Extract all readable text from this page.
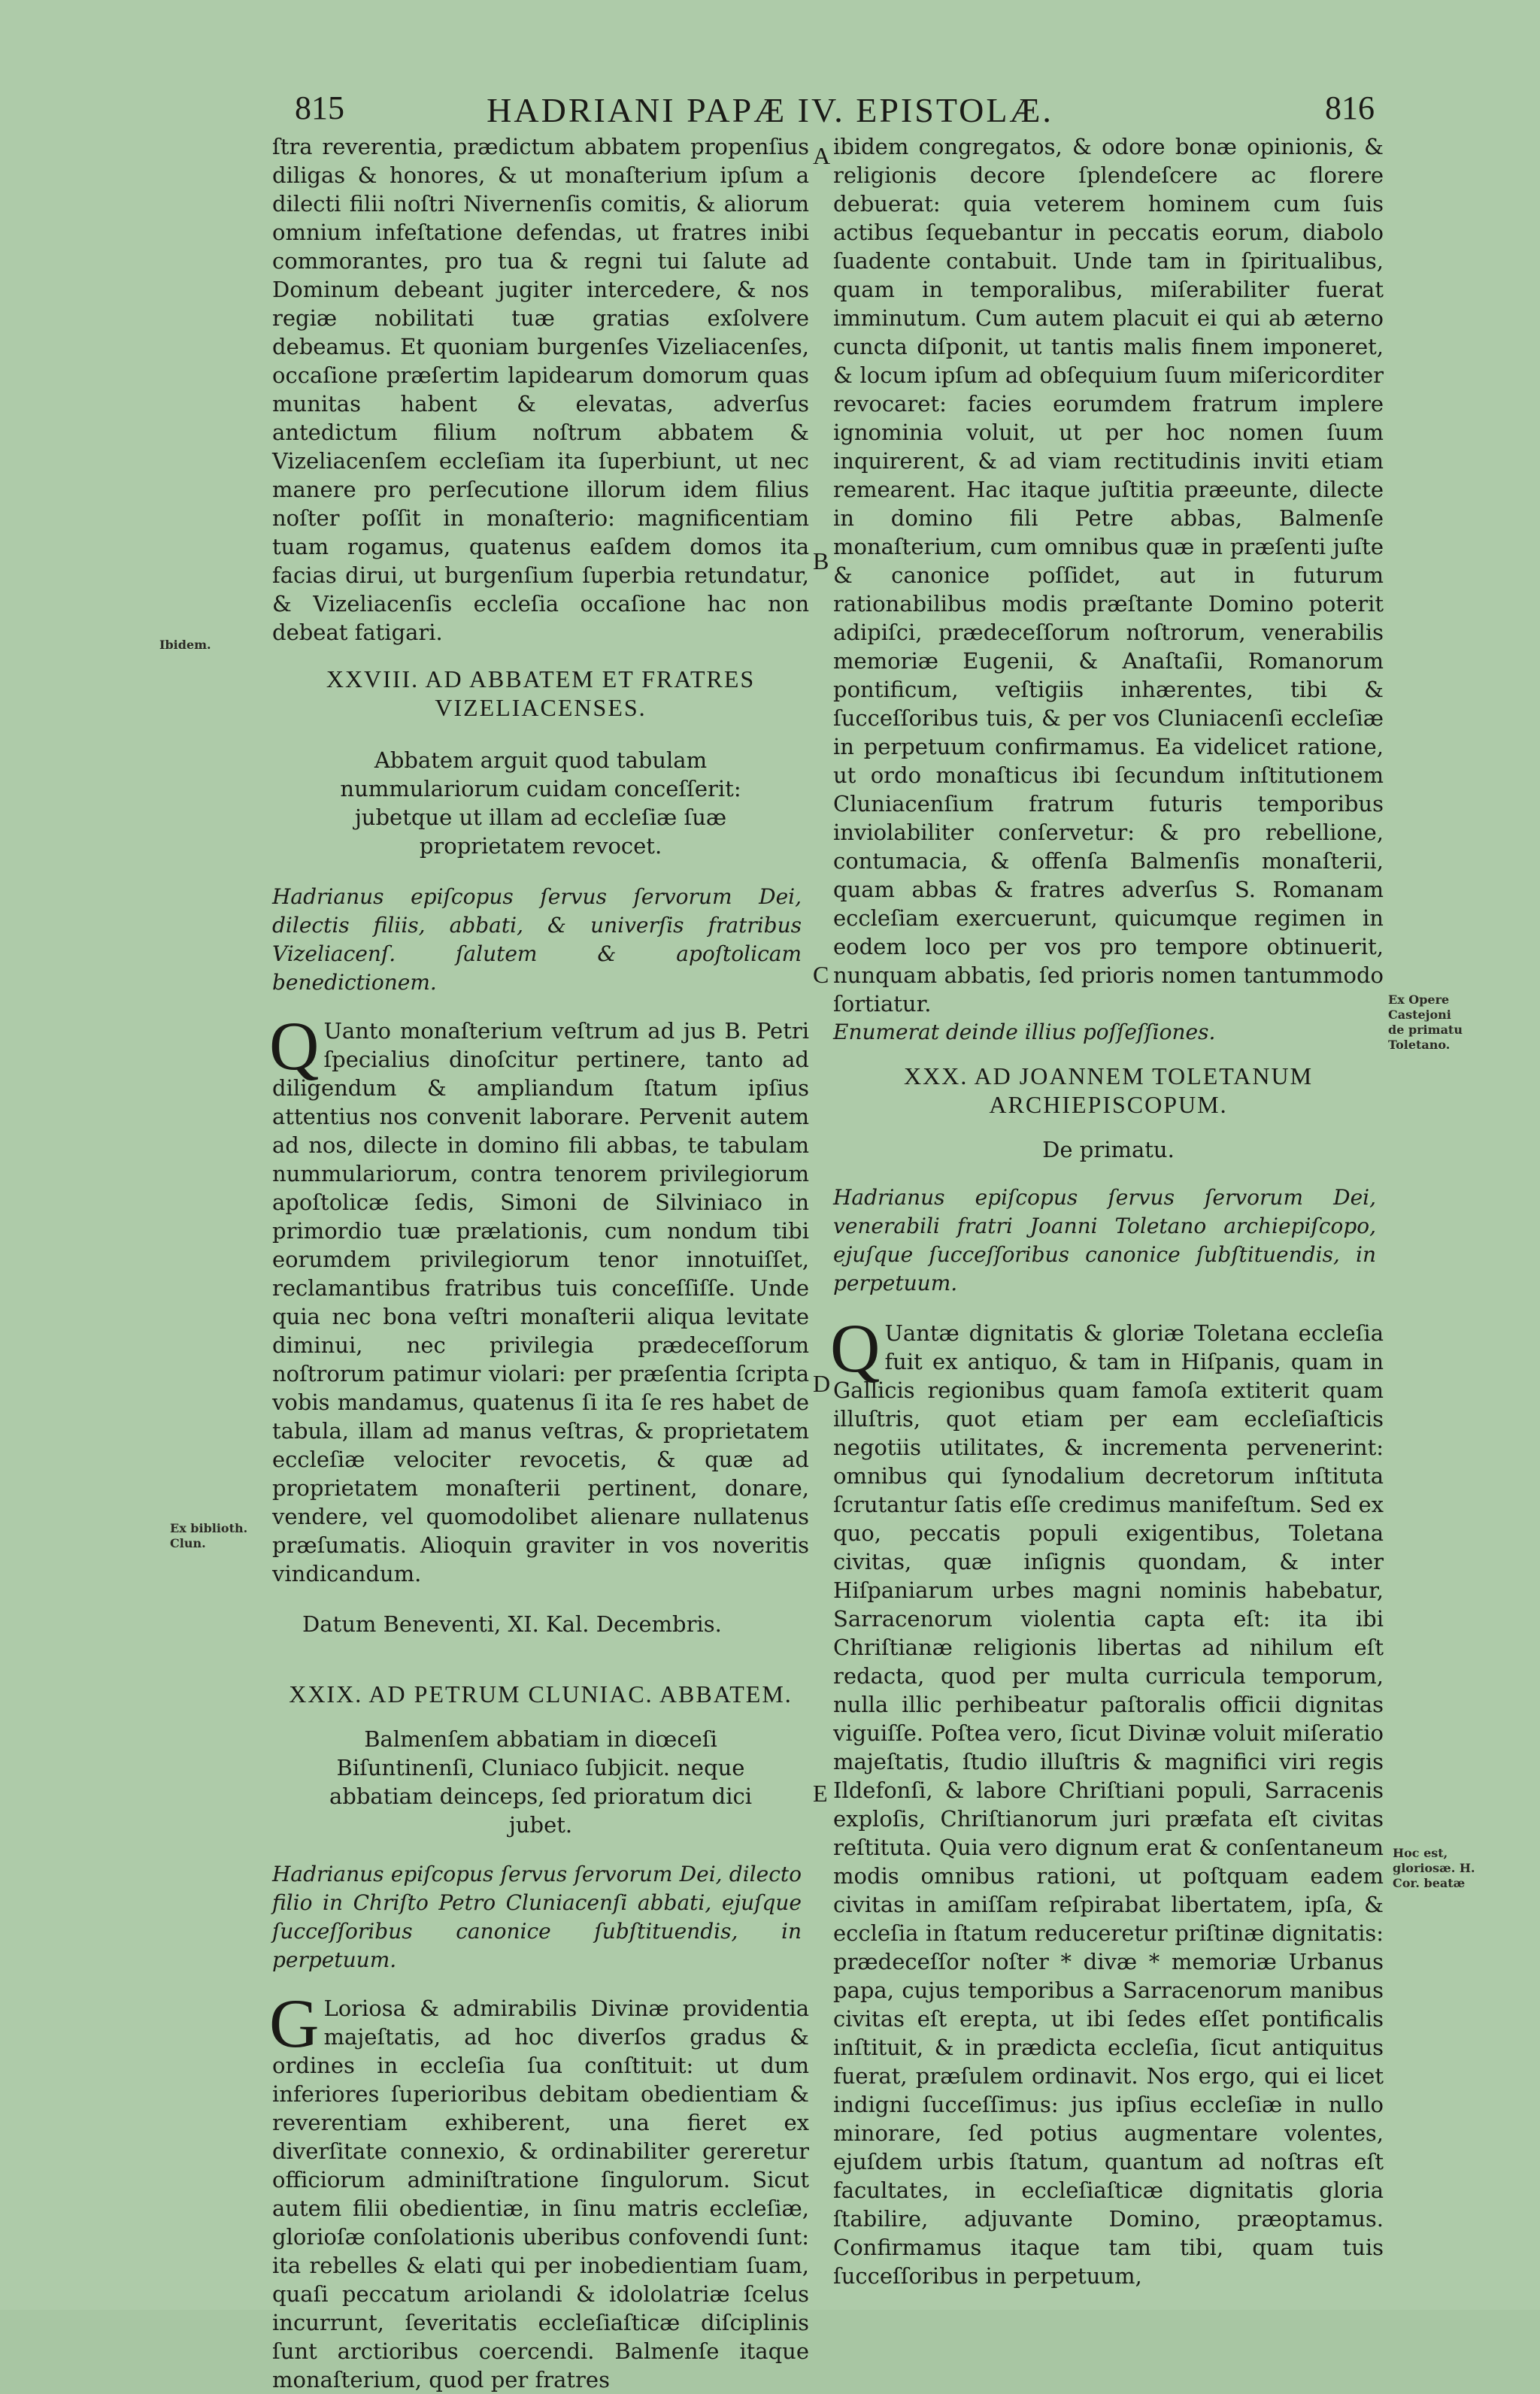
815	HADRIANI PAPÆ IV. EPISTOLÆ.	816
A
B
C
D
E
Ibidem.
Ex biblioth. Clun.
Ex Opere Castejoni de primatu Toletano.
Hoc est, gloriosæ. H. Cor. beatæ
ſtra reverentia, prædictum abbatem propenſius diligas & honores, & ut monaſterium ipſum a dilecti filii noſtri Nivernenſis comitis, & aliorum omnium infeſtatione defendas, ut fratres inibi commorantes, pro tua & regni tui ſalute ad Dominum debeant jugiter intercedere, & nos regiæ nobilitati tuæ gratias exſolvere debeamus. Et quoniam burgenſes Vizeliacenſes, occaſione præſertim lapidearum domorum quas munitas habent & elevatas, adverſus antedictum filium noſtrum abbatem & Vizeliacenſem eccleſiam ita ſuperbiunt, ut nec manere pro perſecutione illorum idem filius noſter poſſit in monaſterio: magnificentiam tuam rogamus, quatenus eaſdem domos ita facias dirui, ut burgenſium ſuperbia retundatur, & Vizeliacenſis eccleſia occaſione hac non debeat fatigari.

XXVIII. AD ABBATEM ET FRATRES VIZELIACENSES.

Abbatem arguit quod tabulam nummulariorum cuidam conceſſerit: jubetque ut illam ad eccleſiæ ſuæ proprietatem revocet.

Hadrianus epiſcopus ſervus ſervorum Dei, dilectis filiis, abbati, & univerſis fratribus Vizeliacenſ. ſalutem & apoſtolicam benedictionem.

Q Uanto monaſterium veſtrum ad jus B. Petri ſpecialius dinoſcitur pertinere, tanto ad diligendum & ampliandum ſtatum ipſius attentius nos convenit laborare. Pervenit autem ad nos, dilecte in domino fili abbas, te tabulam nummulariorum, contra tenorem privilegiorum apoſtolicæ ſedis, Simoni de Silviniaco in primordio tuæ prælationis, cum nondum tibi eorumdem privilegiorum tenor innotuiſſet, reclamantibus fratribus tuis conceſſiſſe. Unde quia nec bona veſtri monaſterii aliqua levitate diminui, nec privilegia prædeceſſorum noſtrorum patimur violari: per præſentia ſcripta vobis mandamus, quatenus ſi ita ſe res habet de tabula, illam ad manus veſtras, & proprietatem eccleſiæ velociter revocetis, & quæ ad proprietatem monaſterii pertinent, donare, vendere, vel quomodolibet alienare nullatenus præſumatis. Alioquin graviter in vos noveritis vindicandum.

Datum Beneventi, XI. Kal. Decembris.

XXIX. AD PETRUM CLUNIAC. ABBATEM.

Balmenſem abbatiam in diœceſi Biſuntinenſi, Cluniaco ſubjicit. neque abbatiam deinceps, ſed prioratum dici jubet.

Hadrianus epiſcopus ſervus ſervorum Dei, dilecto filio in Chriſto Petro Cluniacenſi abbati, ejuſque ſucceſſoribus canonice ſubſtituendis, in perpetuum.

G Loriosa & admirabilis Divinæ providentia majeſtatis, ad hoc diverſos gradus & ordines in eccleſia ſua conſtituit: ut dum inferiores ſuperioribus debitam obedientiam & reverentiam exhiberent, una fieret ex diverſitate connexio, & ordinabiliter gereretur officiorum adminiſtratione ſingulorum. Sicut autem filii obedientiæ, in ſinu matris eccleſiæ, glorioſæ conſolationis uberibus confovendi ſunt: ita rebelles & elati qui per inobedientiam ſuam, quaſi peccatum ariolandi & idololatriæ ſcelus incurrunt, ſeveritatis eccleſiaſticæ diſciplinis ſunt arctioribus coercendi. Balmenſe itaque monaſterium, quod per fratres

ibidem congregatos, & odore bonæ opinionis, & religionis decore ſplendeſcere ac florere debuerat: quia veterem hominem cum ſuis actibus ſequebantur in peccatis eorum, diabolo ſuadente contabuit. Unde tam in ſpiritualibus, quam in temporalibus, miſerabiliter fuerat imminutum. Cum autem placuit ei qui ab æterno cuncta diſponit, ut tantis malis finem imponeret, & locum ipſum ad obſequium ſuum miſericorditer revocaret: facies eorumdem fratrum implere ignominia voluit, ut per hoc nomen ſuum inquirerent, & ad viam rectitudinis inviti etiam remearent. Hac itaque juſtitia præeunte, dilecte in domino fili Petre abbas, Balmenſe monaſterium, cum omnibus quæ in præſenti juſte & canonice poſſidet, aut in futurum rationabilibus modis præſtante Domino poterit adipiſci, prædeceſſorum noſtrorum, venerabilis memoriæ Eugenii, & Anaſtaſii, Romanorum pontificum, veſtigiis inhærentes, tibi & ſucceſſoribus tuis, & per vos Cluniacenſi eccleſiæ in perpetuum confirmamus. Ea videlicet ratione, ut ordo monaſticus ibi ſecundum inſtitutionem Cluniacenſium fratrum futuris temporibus inviolabiliter conſervetur: & pro rebellione, contumacia, & offenſa Balmenſis monaſterii, quam abbas & fratres adverſus S. Romanam eccleſiam exercuerunt, quicumque regimen in eodem loco per vos pro tempore obtinuerit, nunquam abbatis, ſed prioris nomen tantummodo ſortiatur.

Enumerat deinde illius poſſeſſiones.

XXX. AD JOANNEM TOLETANUM ARCHIEPISCOPUM.

De primatu.

Hadrianus epiſcopus ſervus ſervorum Dei, venerabili fratri Joanni Toletano archiepiſcopo, ejuſque ſucceſſoribus canonice ſubſtituendis, in perpetuum.

Q Uantæ dignitatis & gloriæ Toletana eccleſia fuit ex antiquo, & tam in Hiſpanis, quam in Gallicis regionibus quam famoſa extiterit quam illuſtris, quot etiam per eam eccleſiaſticis negotiis utilitates, & incrementa pervenerint: omnibus qui ſynodalium decretorum inſtituta ſcrutantur ſatis eſſe credimus manifeſtum. Sed ex quo, peccatis populi exigentibus, Toletana civitas, quæ inſignis quondam, & inter Hiſpaniarum urbes magni nominis habebatur, Sarracenorum violentia capta eſt: ita ibi Chriſtianæ religionis libertas ad nihilum eſt redacta, quod per multa curricula temporum, nulla illic perhibeatur paſtoralis officii dignitas viguiſſe. Poſtea vero, ſicut Divinæ voluit miſeratio majeſtatis, ſtudio illuſtris & magnifici viri regis Ildefonſi, & labore Chriſtiani populi, Sarracenis exploſis, Chriſtianorum juri præfata eſt civitas reſtituta. Quia vero dignum erat & conſentaneum modis omnibus rationi, ut poſtquam eadem civitas in amiſſam reſpirabat libertatem, ipſa, & eccleſia in ſtatum reduceretur priſtinæ dignitatis: prædeceſſor noſter * divæ * memoriæ Urbanus papa, cujus temporibus a Sarracenorum manibus civitas eſt erepta, ut ibi ſedes eſſet pontificalis inſtituit, & in prædicta eccleſia, ſicut antiquitus fuerat, præſulem ordinavit. Nos ergo, qui ei licet indigni ſucceſſimus: jus ipſius eccleſiæ in nullo minorare, ſed potius augmentare volentes, ejuſdem urbis ſtatum, quantum ad noſtras eſt facultates, in eccleſiaſticæ dignitatis gloria ſtabilire, adjuvante Domino, præoptamus. Confirmamus itaque tam tibi, quam tuis ſucceſſoribus in perpetuum,
